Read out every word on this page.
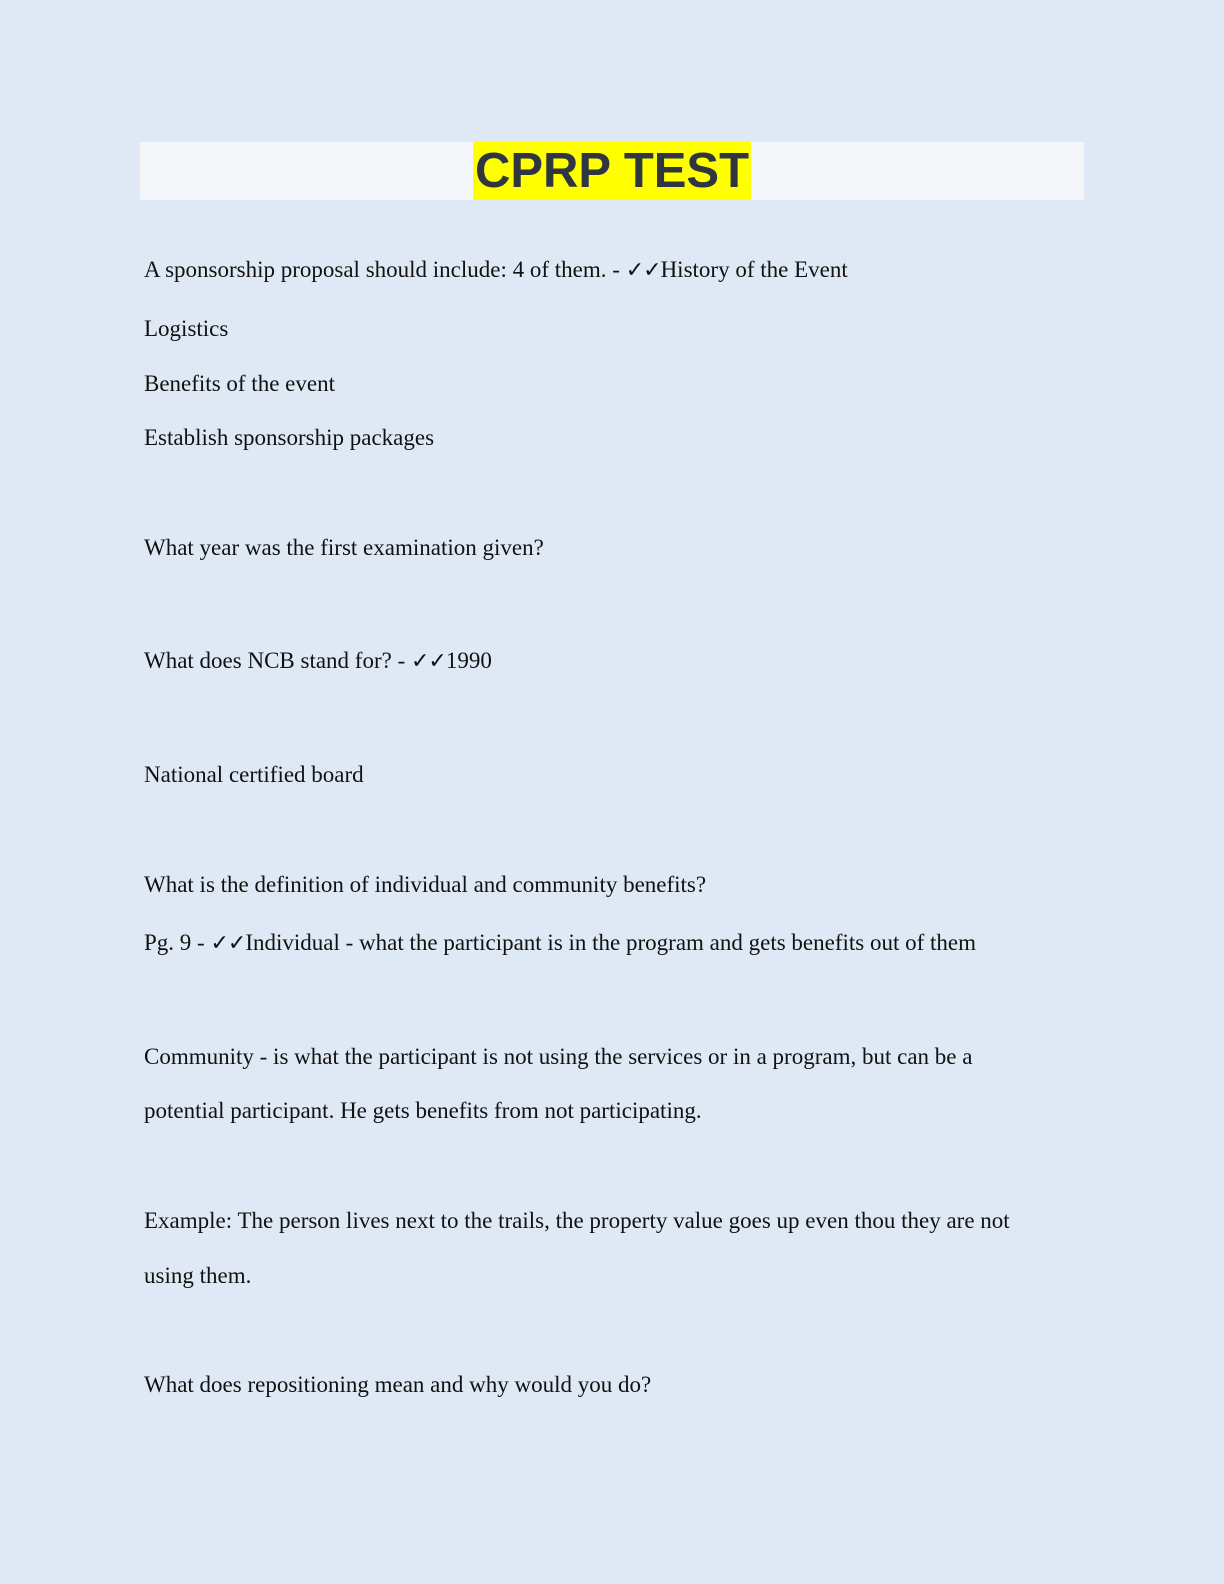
CPRP TEST
A sponsorship proposal should include: 4 of them. - ✓✓History of the Event
Logistics
Benefits of the event
Establish sponsorship packages
What year was the first examination given?
What does NCB stand for? - ✓✓1990
National certified board
What is the definition of individual and community benefits?
Pg. 9 - ✓✓Individual - what the participant is in the program and gets benefits out of them
Community - is what the participant is not using the services or in a program, but can be a
potential participant. He gets benefits from not participating.
Example: The person lives next to the trails, the property value goes up even thou they are not
using them.
What does repositioning mean and why would you do?
